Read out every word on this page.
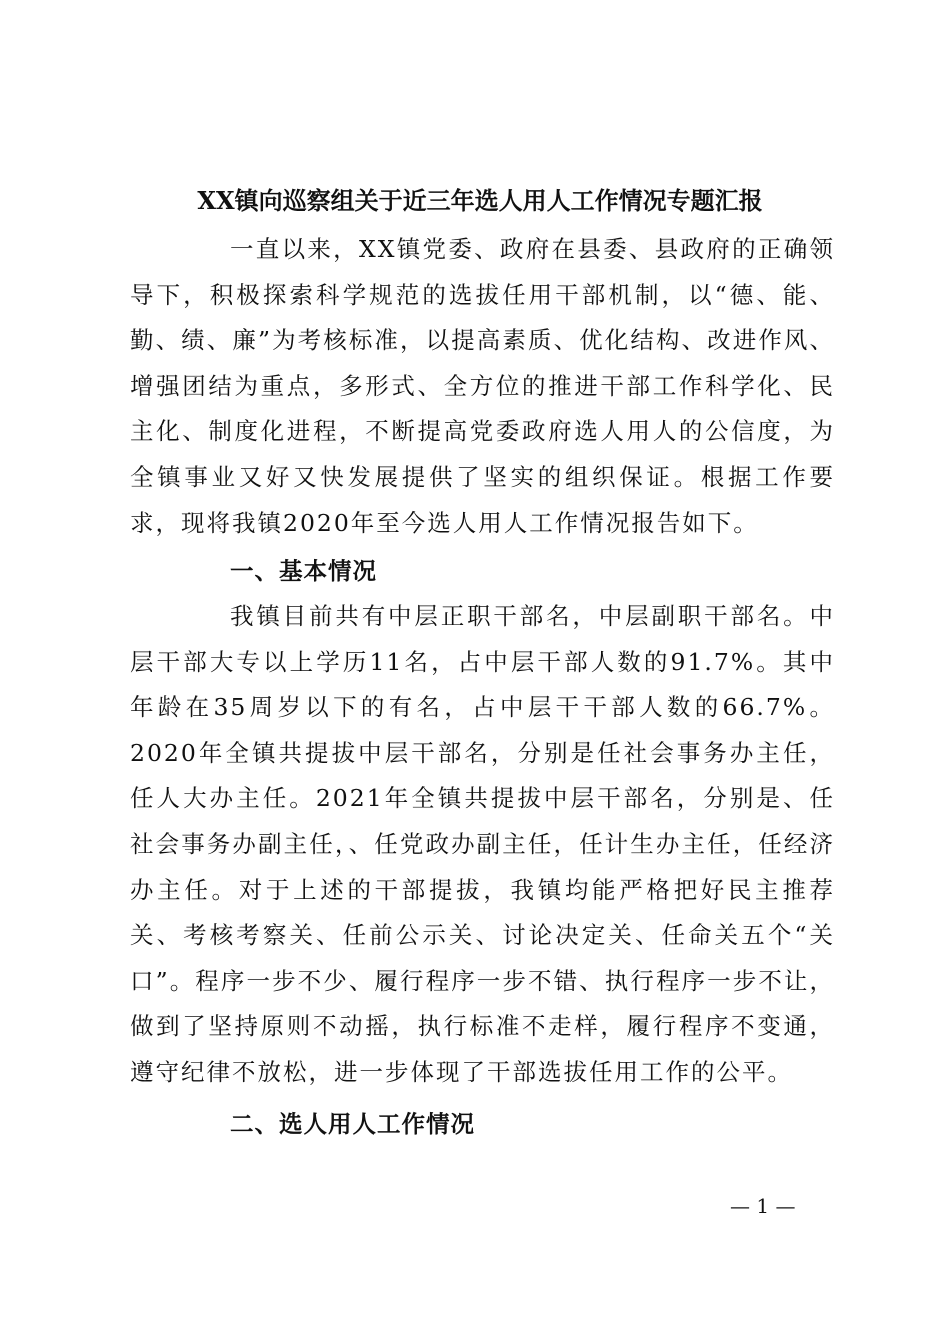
XX镇向巡察组关于近三年选人用人工作情况专题汇报

一直以来，XX镇党委、政府在县委、县政府的正确领导下，积极探索科学规范的选拔任用干部机制，以“德、能、勤、绩、廉”为考核标准，以提高素质、优化结构、改进作风、增强团结为重点，多形式、全方位的推进干部工作科学化、民主化、制度化进程，不断提高党委政府选人用人的公信度，为全镇事业又好又快发展提供了坚实的组织保证。根据工作要求，现将我镇2020年至今选人用人工作情况报告如下。

一、基本情况

我镇目前共有中层正职干部名，中层副职干部名。中层干部大专以上学历11名，占中层干部人数的91.7%。其中年龄在35周岁以下的有名，占中层干干部人数的66.7%。2020年全镇共提拔中层干部名，分别是任社会事务办主任，任人大办主任。2021年全镇共提拔中层干部名，分别是、任社会事务办副主任，、任党政办副主任，任计生办主任，任经济办主任。对于上述的干部提拔，我镇均能严格把好民主推荐关、考核考察关、任前公示关、讨论决定关、任命关五个“关口”。程序一步不少、履行程序一步不错、执行程序一步不让，做到了坚持原则不动摇，执行标准不走样，履行程序不变通，遵守纪律不放松，进一步体现了干部选拔任用工作的公平。

二、选人用人工作情况
— 1 —
